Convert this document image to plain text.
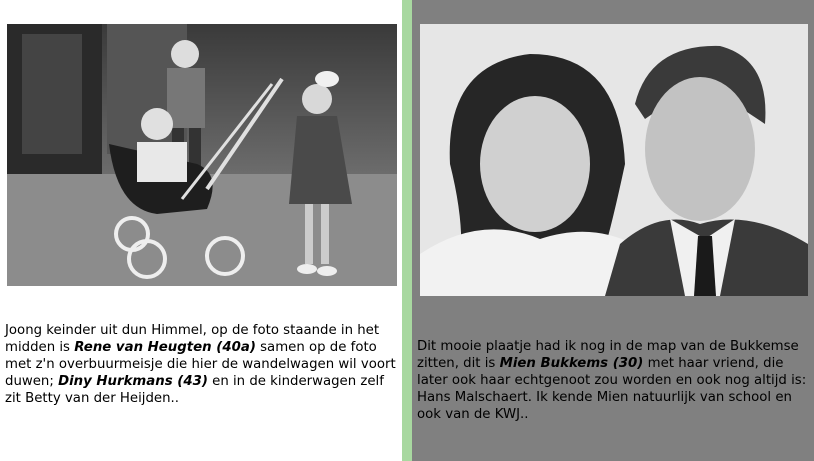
Joong keinder uit dun Himmel, op de foto staande in het midden is Rene van Heugten (40a) samen op de foto met z'n overbuurmeisje die hier de wandelwagen wil voort duwen; Diny Hurkmans (43) en in de kinderwagen zelf zit Betty van der Heijden..
Dit mooie plaatje had ik nog in de map van de Bukkemse zitten, dit is Mien Bukkems (30) met haar vriend, die later ook haar echtgenoot zou worden en ook nog altijd is: Hans Malschaert. Ik kende Mien natuurlijk van school en ook van de KWJ..
